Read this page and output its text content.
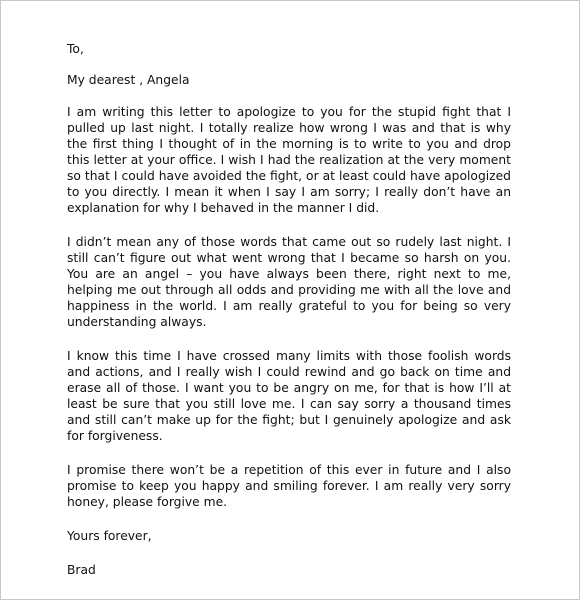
To,

My dearest , Angela

I am writing this letter to apologize to you for the stupid fight that I pulled up last night. I totally realize how wrong I was and that is why the first thing I thought of in the morning is to write to you and drop this letter at your office. I wish I had the realization at the very moment so that I could have avoided the fight, or at least could have apologized to you directly. I mean it when I say I am sorry; I really don’t have an explanation for why I behaved in the manner I did.

I didn’t mean any of those words that came out so rudely last night. I still can’t figure out what went wrong that I became so harsh on you. You are an angel – you have always been there, right next to me, helping me out through all odds and providing me with all the love and happiness in the world. I am really grateful to you for being so very understanding always.

I know this time I have crossed many limits with those foolish words and actions, and I really wish I could rewind and go back on time and erase all of those. I want you to be angry on me, for that is how I’ll at least be sure that you still love me. I can say sorry a thousand times and still can’t make up for the fight; but I genuinely apologize and ask for forgiveness.

I promise there won’t be a repetition of this ever in future and I also promise to keep you happy and smiling forever. I am really very sorry honey, please forgive me.

Yours forever,

Brad
